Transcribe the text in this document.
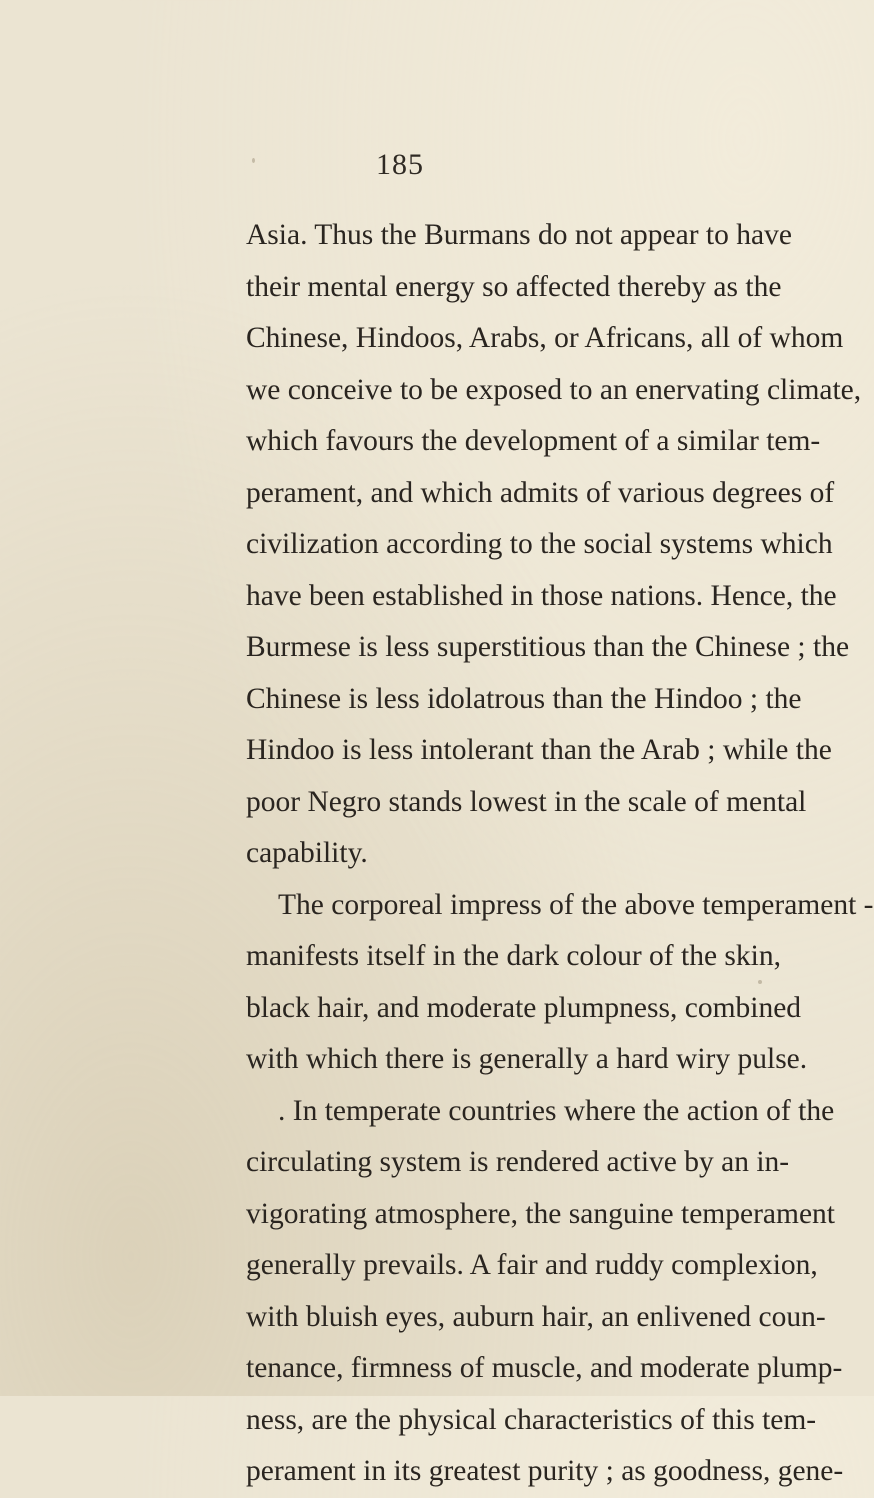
185
Asia. Thus the Burmans do not appear to have
their mental energy so affected thereby as the
Chinese, Hindoos, Arabs, or Africans, all of whom
we conceive to be exposed to an enervating climate,
which favours the development of a similar tem-
perament, and which admits of various degrees of
civilization according to the social systems which
have been established in those nations. Hence, the
Burmese is less superstitious than the Chinese ; the
Chinese is less idolatrous than the Hindoo ; the
Hindoo is less intolerant than the Arab ; while the
poor Negro stands lowest in the scale of mental
capability.
The corporeal impress of the above temperament -
manifests itself in the dark colour of the skin,
black hair, and moderate plumpness, combined
with which there is generally a hard wiry pulse.
. In temperate countries where the action of the
circulating system is rendered active by an in-
vigorating atmosphere, the sanguine temperament
generally prevails. A fair and ruddy complexion,
with bluish eyes, auburn hair, an enlivened coun-
tenance, firmness of muscle, and moderate plump-
ness, are the physical characteristics of this tem-
perament in its greatest purity ; as goodness, gene-
